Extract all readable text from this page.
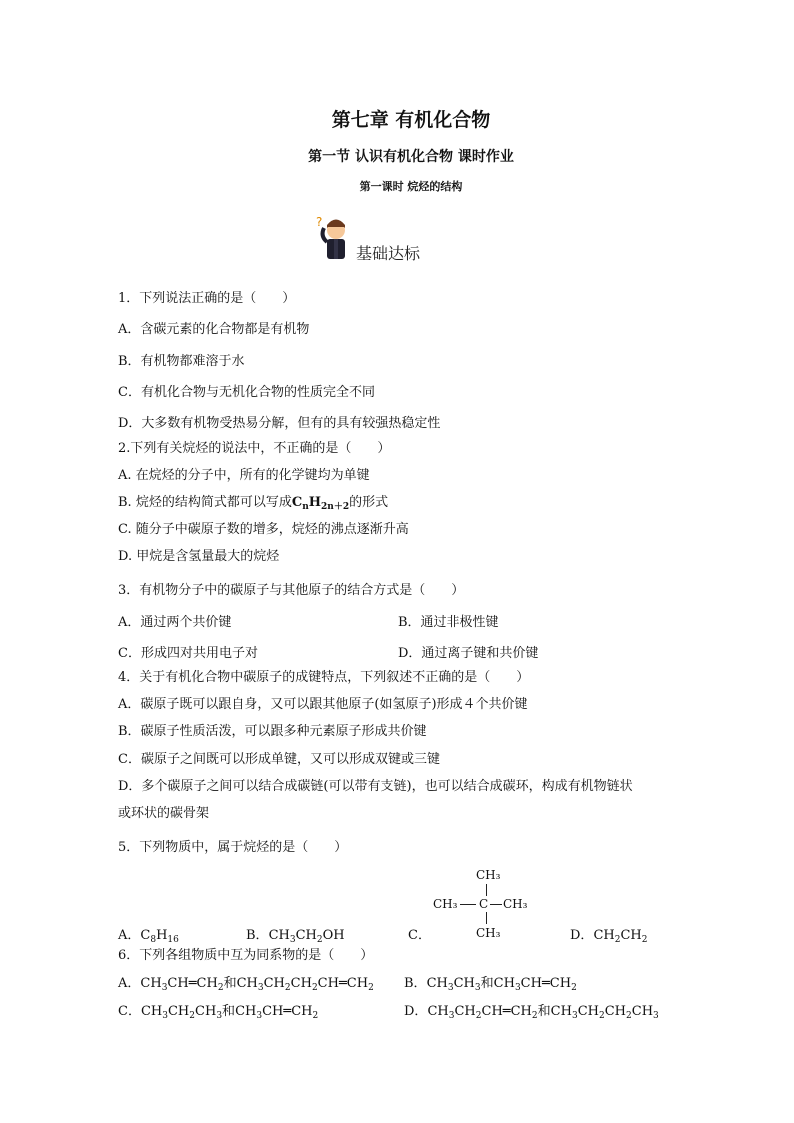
第七章 有机化合物
第一节 认识有机化合物 课时作业
第一课时 烷烃的结构
?
基础达标
1．下列说法正确的是（　　）
A．含碳元素的化合物都是有机物
B．有机物都难溶于水
C．有机化合物与无机化合物的性质完全不同
D．大多数有机物受热易分解，但有的具有较强热稳定性
2.下列有关烷烃的说法中，不正确的是（　　）
A. 在烷烃的分子中，所有的化学键均为单键
B. 烷烃的结构简式都可以写成$C_nH_{2n+2}$的形式
C. 随分子中碳原子数的增多，烷烃的沸点逐渐升高
D. 甲烷是含氢量最大的烷烃
3．有机物分子中的碳原子与其他原子的结合方式是（　　）
A．通过两个共价键	B．通过非极性键
C．形成四对共用电子对	D．通过离子键和共价键
4．关于有机化合物中碳原子的成键特点，下列叙述不正确的是（　　）
A．碳原子既可以跟自身，又可以跟其他原子(如氢原子)形成４个共价键
B．碳原子性质活泼，可以跟多种元素原子形成共价键
C．碳原子之间既可以形成单键，又可以形成双键或三键
D．多个碳原子之间可以结合成碳链(可以带有支链)，也可以结合成碳环，构成有机物链状
或环状的碳骨架
5．下列物质中，属于烷烃的是（　　）
CH₃
CH₃ C CH₃
CH₃
A．$C_8H_{16}$	B．$CH_3CH_2OH$	C．	D．$CH_2CH_2$
6．下列各组物质中互为同系物的是（　　）
A．$CH_3CH═CH_2$和$CH_3CH_2CH_2CH═CH_2$ B．$CH_3CH_3$和$CH_3CH═CH_2$
C．$CH_3CH_2CH_3$和$CH_3CH═CH_2$	D．$CH_3CH_2CH═CH_2$和$CH_3CH_2CH_2CH_3$
